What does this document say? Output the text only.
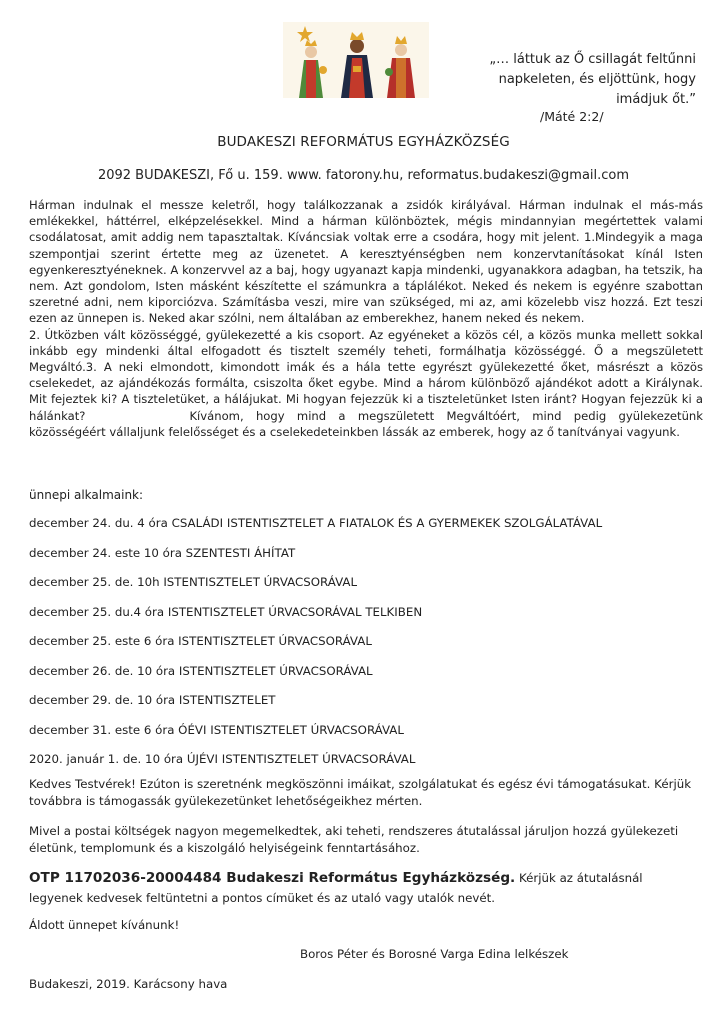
„… láttuk az Ő csillagát feltűnni
napkeleten, és eljöttünk, hogy imádjuk őt.”
/Máté 2:2/
BUDAKESZI REFORMÁTUS EGYHÁZKÖZSÉG
2092 BUDAKESZI, Fő u. 159. www. fatorony.hu, reformatus.budakeszi@gmail.com

Hárman indulnak el messze keletről, hogy találkozzanak a zsidók királyával. Hárman indulnak el más-más emlékekkel, háttérrel, elképzelésekkel. Mind a hárman különböztek, mégis mindannyian megértettek valami csodálatosat, amit addig nem tapasztaltak. Kíváncsiak voltak erre a csodára, hogy mit jelent. 1.Mindegyik a maga szempontjai szerint értette meg az üzenetet. A keresztyénségben nem konzervtanításokat kínál Isten egyenkeresztyéneknek. A konzervvel az a baj, hogy ugyanazt kapja mindenki, ugyanakkora adagban, ha tetszik, ha nem. Azt gondolom, Isten másként készítette el számunkra a táplálékot. Neked és nekem is egyénre szabottan szeretné adni, nem kiporciózva. Számításba veszi, mire van szükséged, mi az, ami közelebb visz hozzá. Ezt teszi ezen az ünnepen is. Neked akar szólni, nem általában az emberekhez, hanem neked és nekem.

2. Útközben vált közösséggé, gyülekezetté a kis csoport. Az egyéneket a közös cél, a közös munka mellett sokkal inkább egy mindenki által elfogadott és tisztelt személy teheti, formálhatja közösséggé. Ő a megszületett Megváltó.3. A neki elmondott, kimondott imák és a hála tette egyrészt gyülekezetté őket, másrészt a közös cselekedet, az ajándékozás formálta, csiszolta őket egybe. Mind a három különböző ajándékot adott a Királynak. Mit fejeztek ki? A tiszteletüket, a hálájukat. Mi hogyan fejezzük ki a tiszteletünket Isten iránt? Hogyan fejezzük ki a hálánkat?	Kívánom, hogy mind a megszületett Megváltóért, mind pedig gyülekezetünk közösségéért vállaljunk felelősséget és a cselekedeteinkben lássák az emberek, hogy az ő tanítványai vagyunk.

ünnepi alkalmaink:
december 24. du. 4 óra CSALÁDI ISTENTISZTELET A FIATALOK ÉS A GYERMEKEK SZOLGÁLATÁVAL
december 24. este 10 óra SZENTESTI ÁHÍTAT
december 25. de. 10h ISTENTISZTELET ÚRVACSORÁVAL
december 25. du.4 óra ISTENTISZTELET ÚRVACSORÁVAL TELKIBEN
december 25. este 6 óra ISTENTISZTELET ÚRVACSORÁVAL
december 26. de. 10 óra ISTENTISZTELET ÚRVACSORÁVAL
december 29. de. 10 óra ISTENTISZTELET
december 31. este 6 óra ÓÉVI ISTENTISZTELET ÚRVACSORÁVAL
2020. január 1. de. 10 óra ÚJÉVI ISTENTISZTELET ÚRVACSORÁVAL
Kedves Testvérek! Ezúton is szeretnénk megköszönni imáikat, szolgálatukat és egész évi támogatásukat. Kérjük továbbra is támogassák gyülekezetünket lehetőségeikhez mérten.
Mivel a postai költségek nagyon megemelkedtek, aki teheti, rendszeres átutalással járuljon hozzá gyülekezeti életünk, templomunk és a kiszolgáló helyiségeink fenntartásához.
OTP 11702036-20004484 Budakeszi Református Egyházközség. Kérjük az átutalásnál legyenek kedvesek feltüntetni a pontos címüket és az utaló vagy utalók nevét.
Áldott ünnepet kívánunk!
Boros Péter és Borosné Varga Edina lelkészek
Budakeszi, 2019. Karácsony hava
